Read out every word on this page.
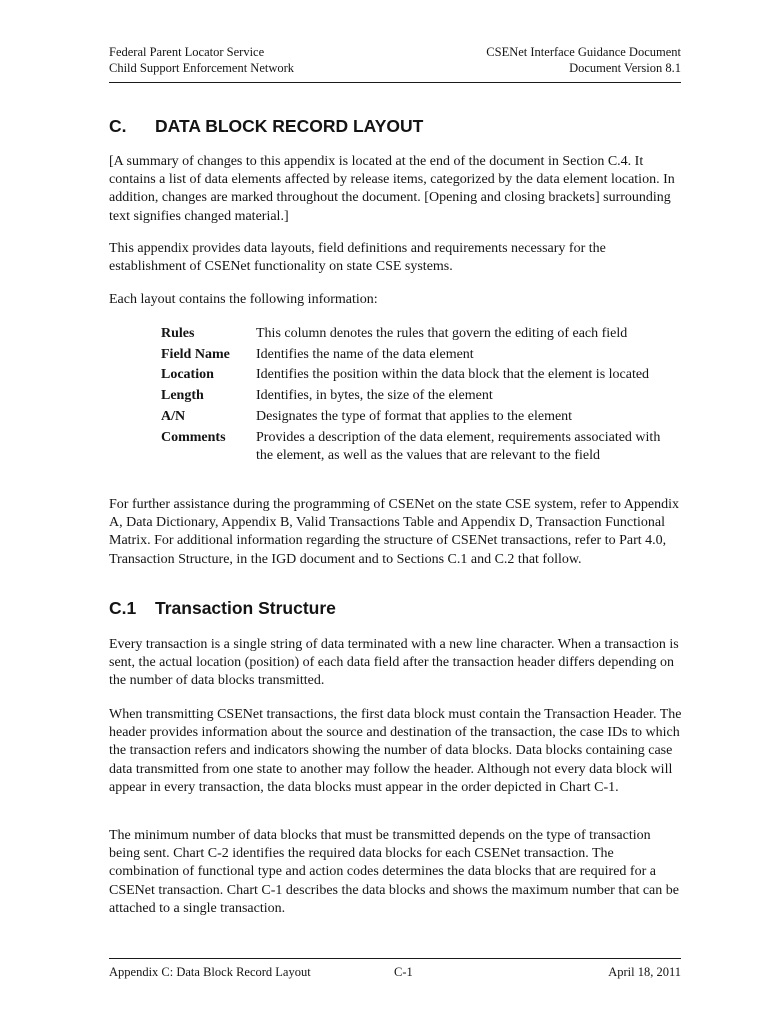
Federal Parent Locator Service
Child Support Enforcement Network
CSENet Interface Guidance Document
Document Version 8.1
C. DATA BLOCK RECORD LAYOUT

[A summary of changes to this appendix is located at the end of the document in Section C.4. It contains a list of data elements affected by release items, categorized by the data element location. In addition, changes are marked throughout the document. [Opening and closing brackets] surrounding text signifies changed material.]

This appendix provides data layouts, field definitions and requirements necessary for the establishment of CSENet functionality on state CSE systems.

Each layout contains the following information:

Rules	This column denotes the rules that govern the editing of each field
Field Name	Identifies the name of the data element
Location	Identifies the position within the data block that the element is located
Length	Identifies, in bytes, the size of the element
A/N	Designates the type of format that applies to the element
Comments	Provides a description of the data element, requirements associated with the element, as well as the values that are relevant to the field

For further assistance during the programming of CSENet on the state CSE system, refer to Appendix A, Data Dictionary, Appendix B, Valid Transactions Table and Appendix D, Transaction Functional Matrix. For additional information regarding the structure of CSENet transactions, refer to Part 4.0, Transaction Structure, in the IGD document and to Sections C.1 and C.2 that follow.

C.1 Transaction Structure

Every transaction is a single string of data terminated with a new line character. When a transaction is sent, the actual location (position) of each data field after the transaction header differs depending on the number of data blocks transmitted.

When transmitting CSENet transactions, the first data block must contain the Transaction Header. The header provides information about the source and destination of the transaction, the case IDs to which the transaction refers and indicators showing the number of data blocks. Data blocks containing case data transmitted from one state to another may follow the header. Although not every data block will appear in every transaction, the data blocks must appear in the order depicted in Chart C-1.

The minimum number of data blocks that must be transmitted depends on the type of transaction being sent. Chart C-2 identifies the required data blocks for each CSENet transaction. The combination of functional type and action codes determines the data blocks that are required for a CSENet transaction. Chart C-1 describes the data blocks and shows the maximum number that can be attached to a single transaction.

Appendix C: Data Block Record Layout	C-1	April 18, 2011
